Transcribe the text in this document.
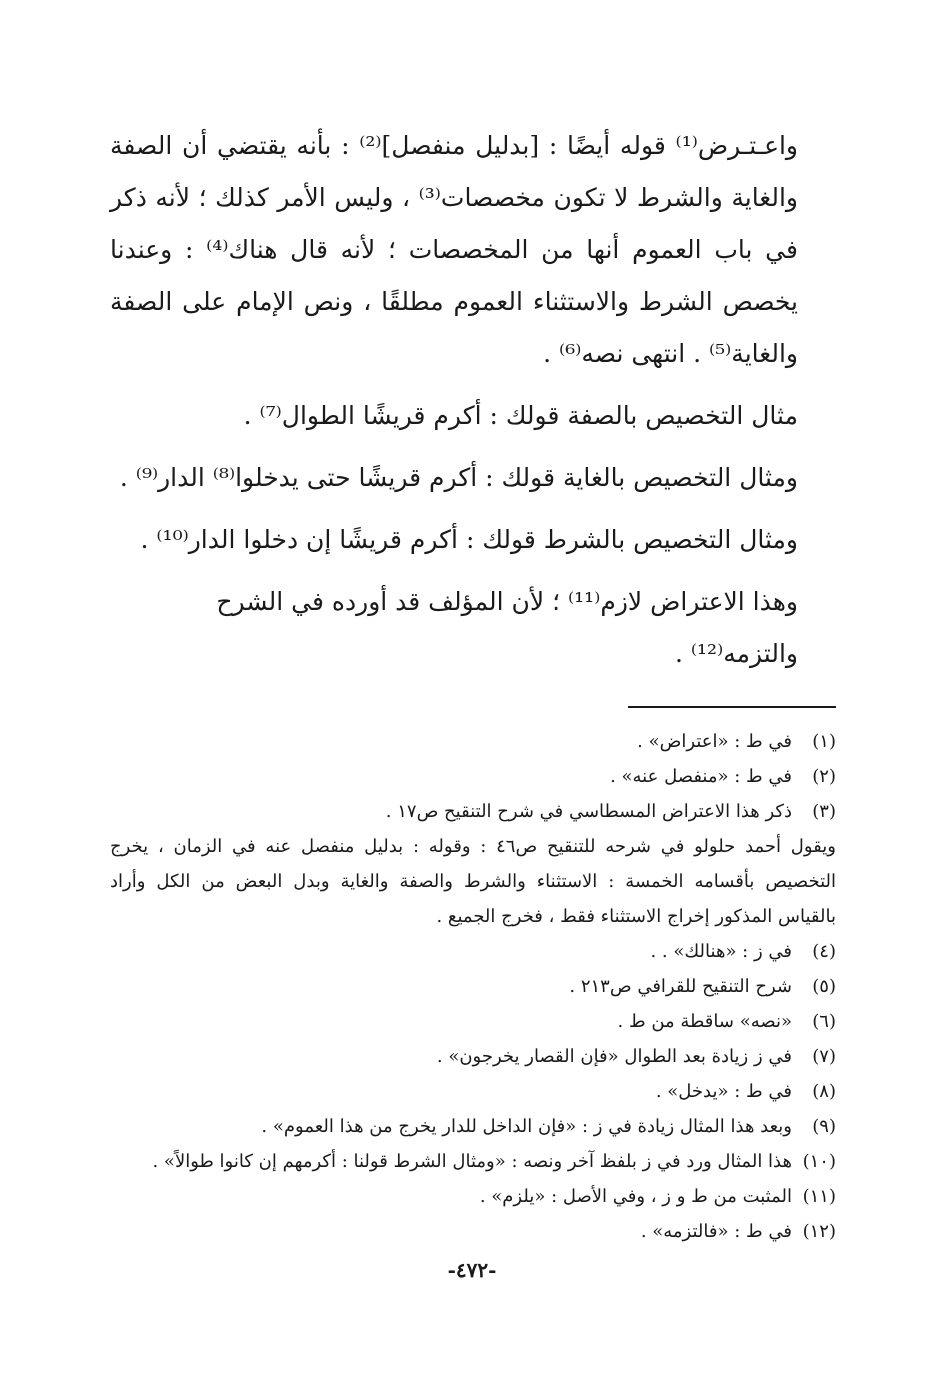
واعـتـرض⁽¹⁾ قوله أيضًا : [بدليل منفصل]⁽²⁾ : بأنه يقتضي أن الصفة والغاية والشرط لا تكون مخصصات⁽³⁾ ، وليس الأمر كذلك ؛ لأنه ذكر في باب العموم أنها من المخصصات ؛ لأنه قال هناك⁽⁴⁾ : وعندنا يخصص الشرط والاستثناء العموم مطلقًا ، ونص الإمام على الصفة والغاية⁽⁵⁾ . انتهى نصه⁽⁶⁾ .

مثال التخصيص بالصفة قولك : أكرم قريشًا الطوال⁽⁷⁾ .

ومثال التخصيص بالغاية قولك : أكرم قريشًا حتى يدخلوا⁽⁸⁾ الدار⁽⁹⁾ .

ومثال التخصيص بالشرط قولك : أكرم قريشًا إن دخلوا الدار⁽¹⁰⁾ .

وهذا الاعتراض لازم⁽¹¹⁾ ؛ لأن المؤلف قد أورده في الشرح والتزمه⁽¹²⁾ .

(١)
في ط : «اعتراض» .
(٢)
في ط : «منفصل عنه» .
(٣)
ذكر هذا الاعتراض المسطاسي في شرح التنقيح ص١٧ .
ويقول أحمد حلولو في شرحه للتنقيح ص٤٦ : وقوله : بدليل منفصل عنه في الزمان ، يخرج التخصيص بأقسامه الخمسة : الاستثناء والشرط والصفة والغاية وبدل البعض من الكل وأراد بالقياس المذكور إخراج الاستثناء فقط ، فخرج الجميع .
(٤)
في ز : «هنالك» . .
(٥)
شرح التنقيح للقرافي ص٢١٣ .
(٦)
«نصه» ساقطة من ط .
(٧)
في ز زيادة بعد الطوال «فإن القصار يخرجون» .
(٨)
في ط : «يدخل» .
(٩)
وبعد هذا المثال زيادة في ز : «فإن الداخل للدار يخرج من هذا العموم» .
(١٠)
هذا المثال ورد في ز بلفظ آخر ونصه : «ومثال الشرط قولنا : أكرمهم إن كانوا طوالاً» .
(١١)
المثبت من ط و ز ، وفي الأصل : «يلزم» .
(١٢)
في ط : «فالتزمه» .
-٤٧٢-
